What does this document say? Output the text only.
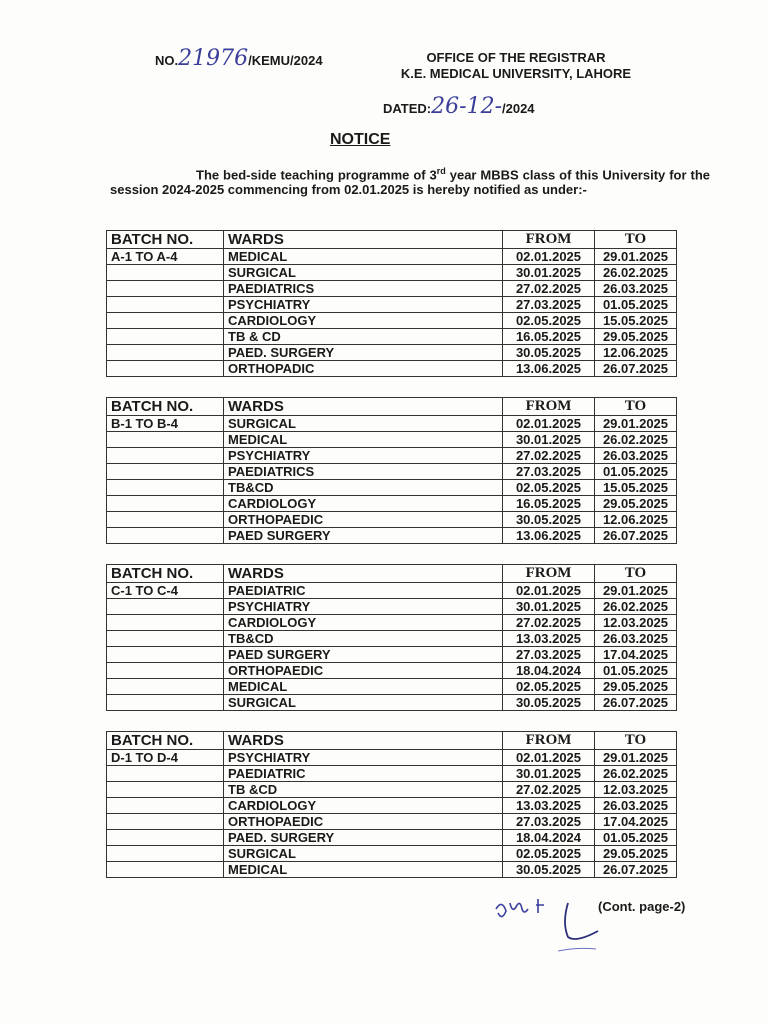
NO.21976/KEMU/2024	OFFICE OF THE REGISTRAR
K.E. MEDICAL UNIVERSITY, LAHORE
DATED:26-12-/2024
NOTICE
The bed-side teaching programme of 3rd year MBBS class of this University for the session 2024-2025 commencing from 02.01.2025 is hereby notified as under:-
BATCH NO.	WARDS	FROM	TO
A-1 TO A-4	MEDICAL	02.01.2025	29.01.2025
	SURGICAL	30.01.2025	26.02.2025
	PAEDIATRICS	27.02.2025	26.03.2025
	PSYCHIATRY	27.03.2025	01.05.2025
	CARDIOLOGY	02.05.2025	15.05.2025
	TB & CD	16.05.2025	29.05.2025
	PAED. SURGERY	30.05.2025	12.06.2025
	ORTHOPADIC	13.06.2025	26.07.2025
BATCH NO.	WARDS	FROM	TO
B-1 TO B-4	SURGICAL	02.01.2025	29.01.2025
	MEDICAL	30.01.2025	26.02.2025
	PSYCHIATRY	27.02.2025	26.03.2025
	PAEDIATRICS	27.03.2025	01.05.2025
	TB&CD	02.05.2025	15.05.2025
	CARDIOLOGY	16.05.2025	29.05.2025
	ORTHOPAEDIC	30.05.2025	12.06.2025
	PAED SURGERY	13.06.2025	26.07.2025
BATCH NO.	WARDS	FROM	TO
C-1 TO C-4	PAEDIATRIC	02.01.2025	29.01.2025
	PSYCHIATRY	30.01.2025	26.02.2025
	CARDIOLOGY	27.02.2025	12.03.2025
	TB&CD	13.03.2025	26.03.2025
	PAED SURGERY	27.03.2025	17.04.2025
	ORTHOPAEDIC	18.04.2024	01.05.2025
	MEDICAL	02.05.2025	29.05.2025
	SURGICAL	30.05.2025	26.07.2025
BATCH NO.	WARDS	FROM	TO
D-1 TO D-4	PSYCHIATRY	02.01.2025	29.01.2025
	PAEDIATRIC	30.01.2025	26.02.2025
	TB &CD	27.02.2025	12.03.2025
	CARDIOLOGY	13.03.2025	26.03.2025
	ORTHOPAEDIC	27.03.2025	17.04.2025
	PAED. SURGERY	18.04.2024	01.05.2025
	SURGICAL	02.05.2025	29.05.2025
	MEDICAL	30.05.2025	26.07.2025
(Cont. page-2)
